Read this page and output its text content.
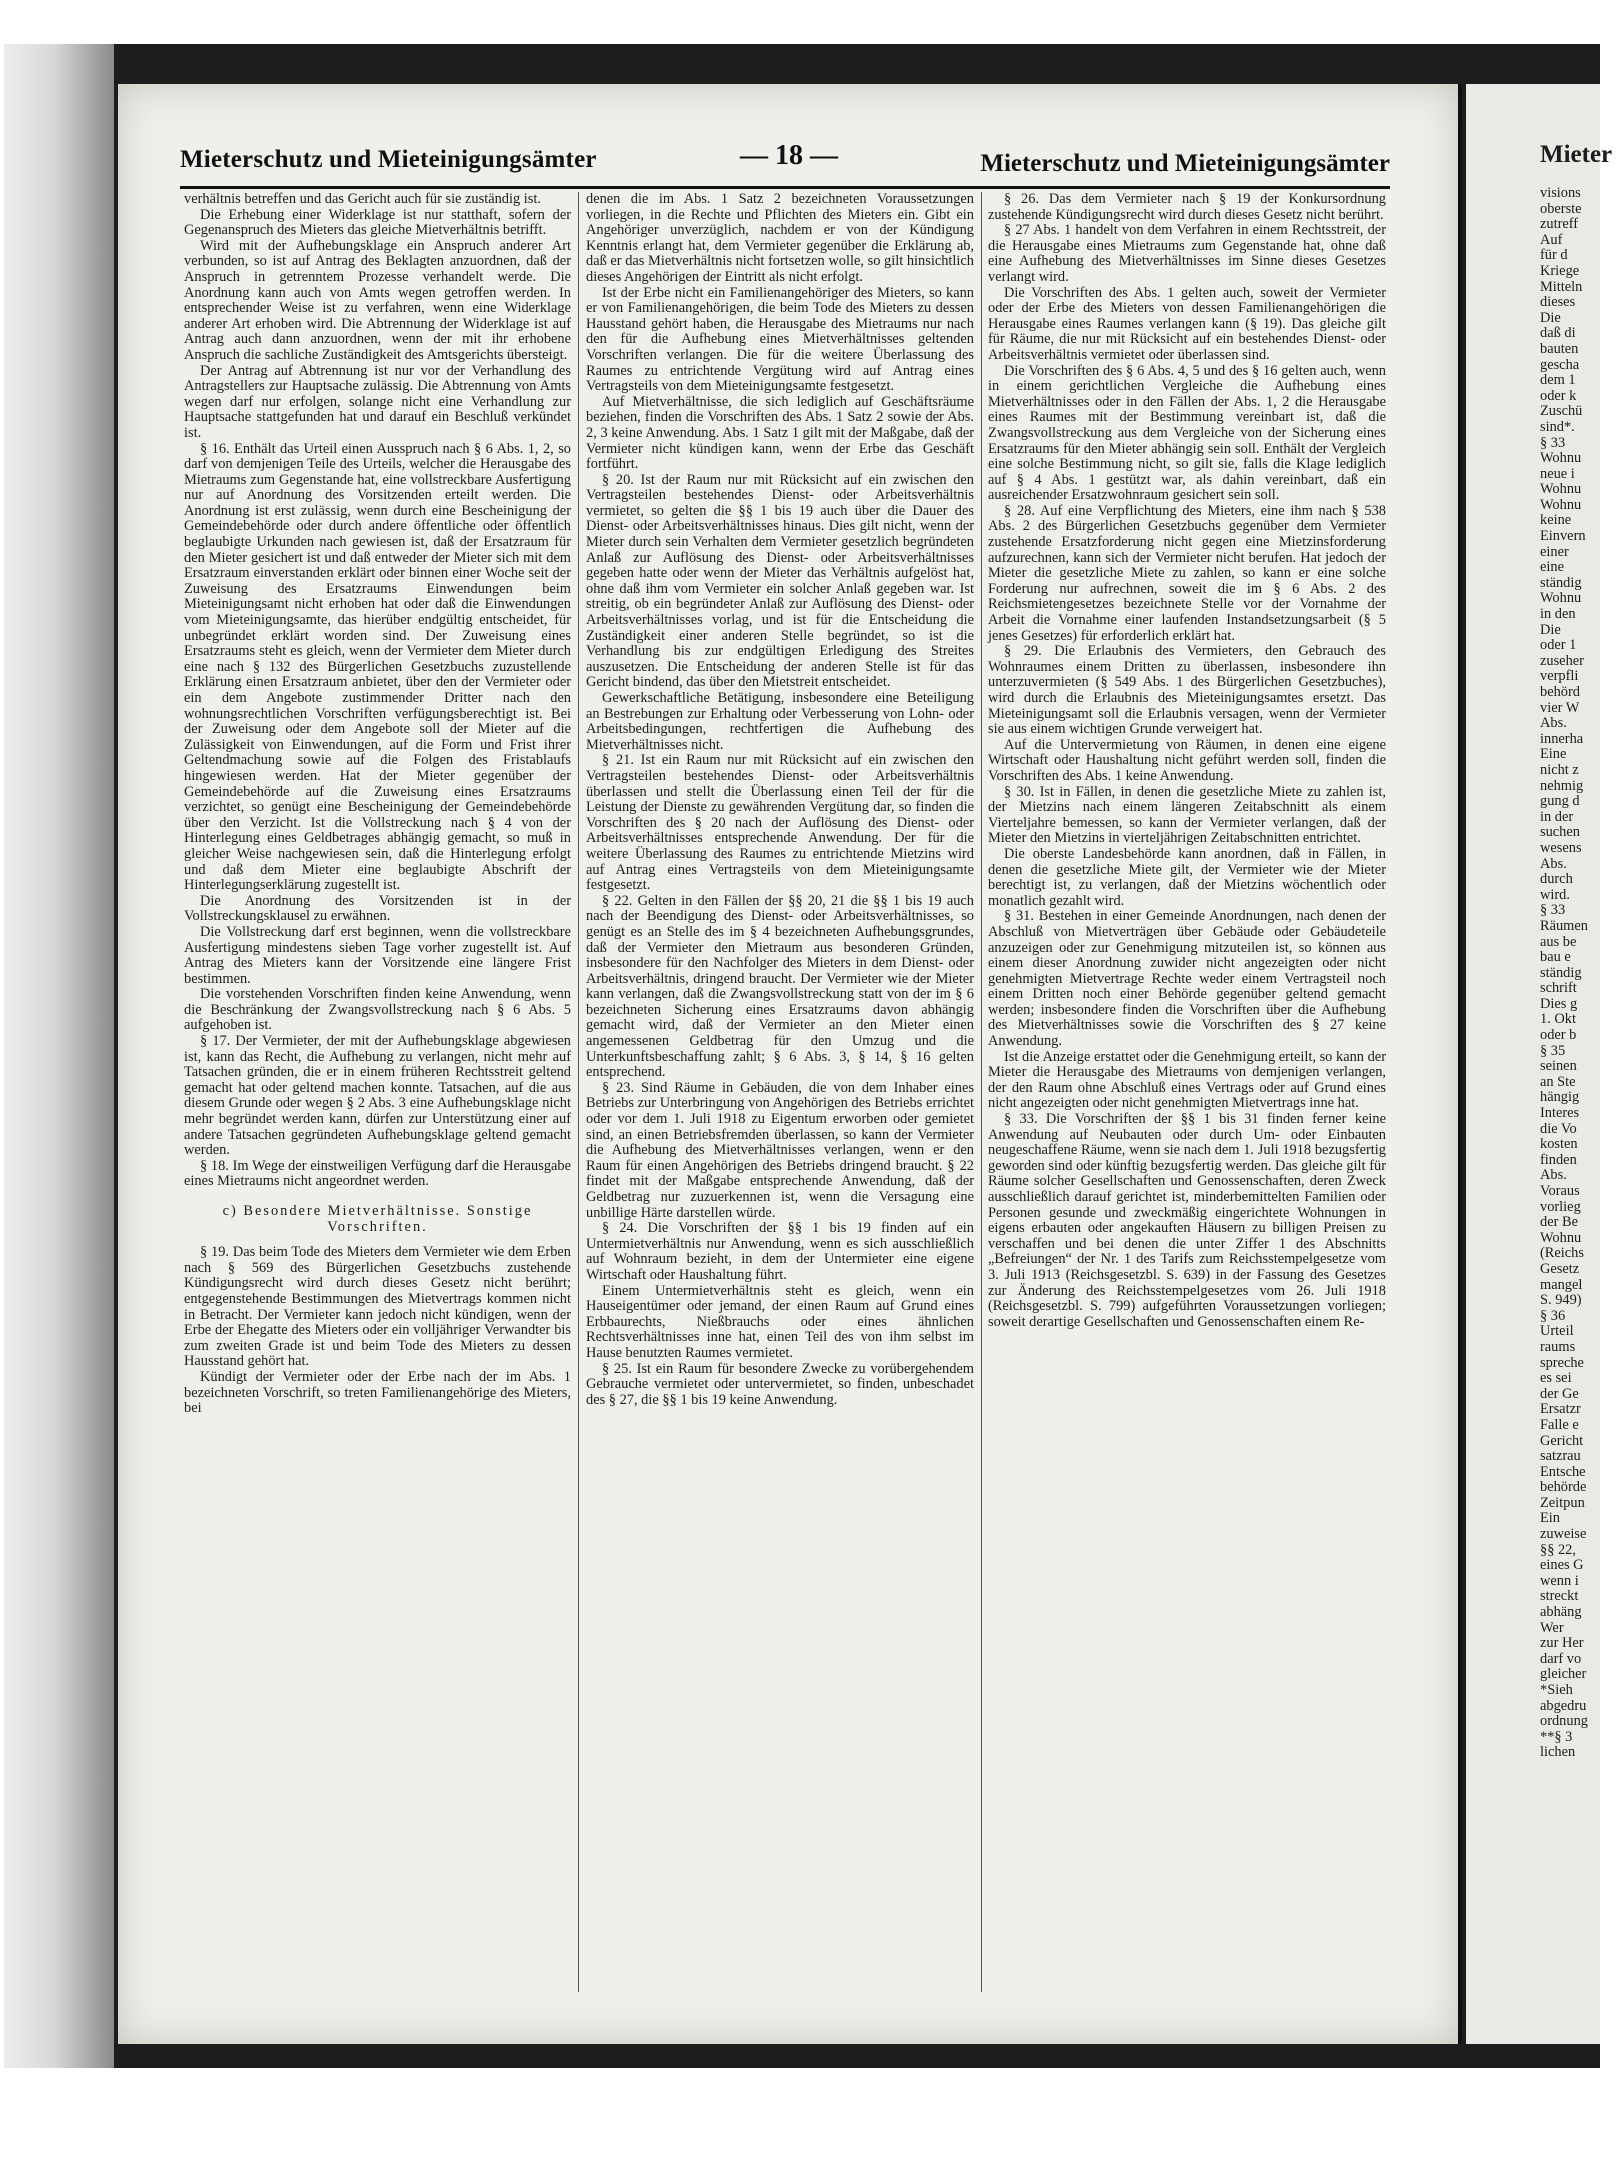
Mieterschutz und Mieteinigungsämter	— 18 —	Mieterschutz und Mieteinigungsämter

verhältnis betreffen und das Gericht auch für sie zuständig ist.

Die Erhebung einer Widerklage ist nur statthaft, sofern der Gegenanspruch des Mieters das gleiche Mietverhältnis betrifft.

Wird mit der Aufhebungsklage ein Anspruch anderer Art verbunden, so ist auf Antrag des Beklagten anzuordnen, daß der Anspruch in getrenntem Prozesse verhandelt werde. Die Anordnung kann auch von Amts wegen getroffen werden. In entsprechender Weise ist zu verfahren, wenn eine Widerklage anderer Art erhoben wird. Die Abtrennung der Widerklage ist auf Antrag auch dann anzuordnen, wenn der mit ihr erhobene Anspruch die sachliche Zuständigkeit des Amtsgerichts übersteigt.

Der Antrag auf Abtrennung ist nur vor der Verhandlung des Antragstellers zur Hauptsache zulässig. Die Abtrennung von Amts wegen darf nur erfolgen, solange nicht eine Verhandlung zur Hauptsache stattgefunden hat und darauf ein Beschluß verkündet ist.

§ 16. Enthält das Urteil einen Ausspruch nach § 6 Abs. 1, 2, so darf von demjenigen Teile des Urteils, welcher die Herausgabe des Mietraums zum Gegenstande hat, eine vollstreckbare Ausfertigung nur auf Anordnung des Vorsitzenden erteilt werden. Die Anordnung ist erst zulässig, wenn durch eine Bescheinigung der Gemeindebehörde oder durch andere öffentliche oder öffentlich beglaubigte Urkunden nach gewiesen ist, daß der Ersatzraum für den Mieter gesichert ist und daß entweder der Mieter sich mit dem Ersatzraum einverstanden erklärt oder binnen einer Woche seit der Zuweisung des Ersatzraums Einwendungen beim Mieteinigungsamt nicht erhoben hat oder daß die Einwendungen vom Mieteinigungsamte, das hierüber endgültig entscheidet, für unbegründet erklärt worden sind. Der Zuweisung eines Ersatzraums steht es gleich, wenn der Vermieter dem Mieter durch eine nach § 132 des Bürgerlichen Gesetzbuchs zuzustellende Erklärung einen Ersatzraum anbietet, über den der Vermieter oder ein dem Angebote zustimmender Dritter nach den wohnungsrechtlichen Vorschriften verfügungsberechtigt ist. Bei der Zuweisung oder dem Angebote soll der Mieter auf die Zulässigkeit von Einwendungen, auf die Form und Frist ihrer Geltendmachung sowie auf die Folgen des Fristablaufs hingewiesen werden. Hat der Mieter gegenüber der Gemeindebehörde auf die Zuweisung eines Ersatzraums verzichtet, so genügt eine Bescheinigung der Gemeindebehörde über den Verzicht. Ist die Vollstreckung nach § 4 von der Hinterlegung eines Geldbetrages abhängig gemacht, so muß in gleicher Weise nachgewiesen sein, daß die Hinterlegung erfolgt und daß dem Mieter eine beglaubigte Abschrift der Hinterlegungserklärung zugestellt ist.

Die Anordnung des Vorsitzenden ist in der Vollstreckungsklausel zu erwähnen.

Die Vollstreckung darf erst beginnen, wenn die vollstreckbare Ausfertigung mindestens sieben Tage vorher zugestellt ist. Auf Antrag des Mieters kann der Vorsitzende eine längere Frist bestimmen.

Die vorstehenden Vorschriften finden keine Anwendung, wenn die Beschränkung der Zwangsvollstreckung nach § 6 Abs. 5 aufgehoben ist.

§ 17. Der Vermieter, der mit der Aufhebungsklage abgewiesen ist, kann das Recht, die Aufhebung zu verlangen, nicht mehr auf Tatsachen gründen, die er in einem früheren Rechtsstreit geltend gemacht hat oder geltend machen konnte. Tatsachen, auf die aus diesem Grunde oder wegen § 2 Abs. 3 eine Aufhebungsklage nicht mehr begründet werden kann, dürfen zur Unterstützung einer auf andere Tatsachen gegründeten Aufhebungsklage geltend gemacht werden.

§ 18. Im Wege der einstweiligen Verfügung darf die Herausgabe eines Mietraums nicht angeordnet werden.

c) Besondere Mietverhältnisse. Sonstige Vorschriften.

§ 19. Das beim Tode des Mieters dem Vermieter wie dem Erben nach § 569 des Bürgerlichen Gesetzbuchs zustehende Kündigungsrecht wird durch dieses Gesetz nicht berührt; entgegenstehende Bestimmungen des Mietvertrags kommen nicht in Betracht. Der Vermieter kann jedoch nicht kündigen, wenn der Erbe der Ehegatte des Mieters oder ein volljähriger Verwandter bis zum zweiten Grade ist und beim Tode des Mieters zu dessen Hausstand gehört hat.

Kündigt der Vermieter oder der Erbe nach der im Abs. 1 bezeichneten Vorschrift, so treten Familienangehörige des Mieters, bei

denen die im Abs. 1 Satz 2 bezeichneten Voraussetzungen vorliegen, in die Rechte und Pflichten des Mieters ein. Gibt ein Angehöriger unverzüglich, nachdem er von der Kündigung Kenntnis erlangt hat, dem Vermieter gegenüber die Erklärung ab, daß er das Mietverhältnis nicht fortsetzen wolle, so gilt hinsichtlich dieses Angehörigen der Eintritt als nicht erfolgt.

Ist der Erbe nicht ein Familienangehöriger des Mieters, so kann er von Familienangehörigen, die beim Tode des Mieters zu dessen Hausstand gehört haben, die Herausgabe des Mietraums nur nach den für die Aufhebung eines Mietverhältnisses geltenden Vorschriften verlangen. Die für die weitere Überlassung des Raumes zu entrichtende Vergütung wird auf Antrag eines Vertragsteils von dem Mieteinigungsamte festgesetzt.

Auf Mietverhältnisse, die sich lediglich auf Geschäftsräume beziehen, finden die Vorschriften des Abs. 1 Satz 2 sowie der Abs. 2, 3 keine Anwendung. Abs. 1 Satz 1 gilt mit der Maßgabe, daß der Vermieter nicht kündigen kann, wenn der Erbe das Geschäft fortführt.

§ 20. Ist der Raum nur mit Rücksicht auf ein zwischen den Vertragsteilen bestehendes Dienst- oder Arbeitsverhältnis vermietet, so gelten die §§ 1 bis 19 auch über die Dauer des Dienst- oder Arbeitsverhältnisses hinaus. Dies gilt nicht, wenn der Mieter durch sein Verhalten dem Vermieter gesetzlich begründeten Anlaß zur Auflösung des Dienst- oder Arbeitsverhältnisses gegeben hatte oder wenn der Mieter das Verhältnis aufgelöst hat, ohne daß ihm vom Vermieter ein solcher Anlaß gegeben war. Ist streitig, ob ein begründeter Anlaß zur Auflösung des Dienst- oder Arbeitsverhältnisses vorlag, und ist für die Entscheidung die Zuständigkeit einer anderen Stelle begründet, so ist die Verhandlung bis zur endgültigen Erledigung des Streites auszusetzen. Die Entscheidung der anderen Stelle ist für das Gericht bindend, das über den Mietstreit entscheidet.

Gewerkschaftliche Betätigung, insbesondere eine Beteiligung an Bestrebungen zur Erhaltung oder Verbesserung von Lohn- oder Arbeitsbedingungen, rechtfertigen die Aufhebung des Mietverhältnisses nicht.

§ 21. Ist ein Raum nur mit Rücksicht auf ein zwischen den Vertragsteilen bestehendes Dienst- oder Arbeitsverhältnis überlassen und stellt die Überlassung einen Teil der für die Leistung der Dienste zu gewährenden Vergütung dar, so finden die Vorschriften des § 20 nach der Auflösung des Dienst- oder Arbeitsverhältnisses entsprechende Anwendung. Der für die weitere Überlassung des Raumes zu entrichtende Mietzins wird auf Antrag eines Vertragsteils von dem Mieteinigungsamte festgesetzt.

§ 22. Gelten in den Fällen der §§ 20, 21 die §§ 1 bis 19 auch nach der Beendigung des Dienst- oder Arbeitsverhältnisses, so genügt es an Stelle des im § 4 bezeichneten Aufhebungsgrundes, daß der Vermieter den Mietraum aus besonderen Gründen, insbesondere für den Nachfolger des Mieters in dem Dienst- oder Arbeitsverhältnis, dringend braucht. Der Vermieter wie der Mieter kann verlangen, daß die Zwangsvollstreckung statt von der im § 6 bezeichneten Sicherung eines Ersatzraums davon abhängig gemacht wird, daß der Vermieter an den Mieter einen angemessenen Geldbetrag für den Umzug und die Unterkunftsbeschaffung zahlt; § 6 Abs. 3, § 14, § 16 gelten entsprechend.

§ 23. Sind Räume in Gebäuden, die von dem Inhaber eines Betriebs zur Unterbringung von Angehörigen des Betriebs errichtet oder vor dem 1. Juli 1918 zu Eigentum erworben oder gemietet sind, an einen Betriebsfremden überlassen, so kann der Vermieter die Aufhebung des Mietverhältnisses verlangen, wenn er den Raum für einen Angehörigen des Betriebs dringend braucht. § 22 findet mit der Maßgabe entsprechende Anwendung, daß der Geldbetrag nur zuzuerkennen ist, wenn die Versagung eine unbillige Härte darstellen würde.

§ 24. Die Vorschriften der §§ 1 bis 19 finden auf ein Untermietverhältnis nur Anwendung, wenn es sich ausschließlich auf Wohnraum bezieht, in dem der Untermieter eine eigene Wirtschaft oder Haushaltung führt.

Einem Untermietverhältnis steht es gleich, wenn ein Hauseigentümer oder jemand, der einen Raum auf Grund eines Erbbaurechts, Nießbrauchs oder eines ähnlichen Rechtsverhältnisses inne hat, einen Teil des von ihm selbst im Hause benutzten Raumes vermietet.

§ 25. Ist ein Raum für besondere Zwecke zu vorübergehendem Gebrauche vermietet oder untervermietet, so finden, unbeschadet des § 27, die §§ 1 bis 19 keine Anwendung.

§ 26. Das dem Vermieter nach § 19 der Konkursordnung zustehende Kündigungsrecht wird durch dieses Gesetz nicht berührt.

§ 27 Abs. 1 handelt von dem Verfahren in einem Rechtsstreit, der die Herausgabe eines Mietraums zum Gegenstande hat, ohne daß eine Aufhebung des Mietverhältnisses im Sinne dieses Gesetzes verlangt wird.

Die Vorschriften des Abs. 1 gelten auch, soweit der Vermieter oder der Erbe des Mieters von dessen Familienangehörigen die Herausgabe eines Raumes verlangen kann (§ 19). Das gleiche gilt für Räume, die nur mit Rücksicht auf ein bestehendes Dienst- oder Arbeitsverhältnis vermietet oder überlassen sind.

Die Vorschriften des § 6 Abs. 4, 5 und des § 16 gelten auch, wenn in einem gerichtlichen Vergleiche die Aufhebung eines Mietverhältnisses oder in den Fällen der Abs. 1, 2 die Herausgabe eines Raumes mit der Bestimmung vereinbart ist, daß die Zwangsvollstreckung aus dem Vergleiche von der Sicherung eines Ersatzraums für den Mieter abhängig sein soll. Enthält der Vergleich eine solche Bestimmung nicht, so gilt sie, falls die Klage lediglich auf § 4 Abs. 1 gestützt war, als dahin vereinbart, daß ein ausreichender Ersatzwohnraum gesichert sein soll.

§ 28. Auf eine Verpflichtung des Mieters, eine ihm nach § 538 Abs. 2 des Bürgerlichen Gesetzbuchs gegenüber dem Vermieter zustehende Ersatzforderung nicht gegen eine Mietzinsforderung aufzurechnen, kann sich der Vermieter nicht berufen. Hat jedoch der Mieter die gesetzliche Miete zu zahlen, so kann er eine solche Forderung nur aufrechnen, soweit die im § 6 Abs. 2 des Reichsmietengesetzes bezeichnete Stelle vor der Vornahme der Arbeit die Vornahme einer laufenden Instandsetzungsarbeit (§ 5 jenes Gesetzes) für erforderlich erklärt hat.

§ 29. Die Erlaubnis des Vermieters, den Gebrauch des Wohnraumes einem Dritten zu überlassen, insbesondere ihn unterzuvermieten (§ 549 Abs. 1 des Bürgerlichen Gesetzbuches), wird durch die Erlaubnis des Mieteinigungsamtes ersetzt. Das Mieteinigungsamt soll die Erlaubnis versagen, wenn der Vermieter sie aus einem wichtigen Grunde verweigert hat.

Auf die Untervermietung von Räumen, in denen eine eigene Wirtschaft oder Haushaltung nicht geführt werden soll, finden die Vorschriften des Abs. 1 keine Anwendung.

§ 30. Ist in Fällen, in denen die gesetzliche Miete zu zahlen ist, der Mietzins nach einem längeren Zeitabschnitt als einem Vierteljahre bemessen, so kann der Vermieter verlangen, daß der Mieter den Mietzins in vierteljährigen Zeitabschnitten entrichtet.

Die oberste Landesbehörde kann anordnen, daß in Fällen, in denen die gesetzliche Miete gilt, der Vermieter wie der Mieter berechtigt ist, zu verlangen, daß der Mietzins wöchentlich oder monatlich gezahlt wird.

§ 31. Bestehen in einer Gemeinde Anordnungen, nach denen der Abschluß von Mietverträgen über Gebäude oder Gebäudeteile anzuzeigen oder zur Genehmigung mitzuteilen ist, so können aus einem dieser Anordnung zuwider nicht angezeigten oder nicht genehmigten Mietvertrage Rechte weder einem Vertragsteil noch einem Dritten noch einer Behörde gegenüber geltend gemacht werden; insbesondere finden die Vorschriften über die Aufhebung des Mietverhältnisses sowie die Vorschriften des § 27 keine Anwendung.

Ist die Anzeige erstattet oder die Genehmigung erteilt, so kann der Mieter die Herausgabe des Mietraums von demjenigen verlangen, der den Raum ohne Abschluß eines Vertrags oder auf Grund eines nicht angezeigten oder nicht genehmigten Mietvertrags inne hat.

§ 33. Die Vorschriften der §§ 1 bis 31 finden ferner keine Anwendung auf Neubauten oder durch Um- oder Einbauten neugeschaffene Räume, wenn sie nach dem 1. Juli 1918 bezugsfertig geworden sind oder künftig bezugsfertig werden. Das gleiche gilt für Räume solcher Gesellschaften und Genossenschaften, deren Zweck ausschließlich darauf gerichtet ist, minderbemittelten Familien oder Personen gesunde und zweckmäßig eingerichtete Wohnungen in eigens erbauten oder angekauften Häusern zu billigen Preisen zu verschaffen und bei denen die unter Ziffer 1 des Abschnitts „Befreiungen“ der Nr. 1 des Tarifs zum Reichsstempelgesetze vom 3. Juli 1913 (Reichsgesetzbl. S. 639) in der Fassung des Gesetzes zur Änderung des Reichsstempelgesetzes vom 26. Juli 1918 (Reichsgesetzbl. S. 799) aufgeführten Voraussetzungen vorliegen; soweit derartige Gesellschaften und Genossenschaften einem Re-

Mieter
visions
oberste
zutreff
Auf
für d
Kriege
Mitteln
dieses
Die
daß di
bauten
gescha
dem 1
oder k
Zuschü
sind*.
§ 33
Wohnu
neue i
Wohnu
Wohnu
keine
Einvern
einer
eine
ständig
Wohnu
in den
Die
oder 1
zuseher
verpfli
behörd
vier W
Abs.
innerha
Eine
nicht z
nehmig
gung d
in der
suchen
wesens
Abs.
durch
wird.
§ 33
Räumen
aus be
bau e
ständig
schrift
Dies g
1. Okt
oder b
§ 35
seinen
an Ste
hängig
Interes
die Vo
kosten
finden
Abs.
Voraus
vorlieg
der Be
Wohnu
(Reichs
Gesetz
mangel
S. 949)
§ 36
Urteil
raums
spreche
es sei
der Ge
Ersatzr
Falle e
Gericht
satzrau
Entsche
behörde
Zeitpun
Ein
zuweise
§§ 22,
eines G
wenn i
streckt
abhäng
Wer
zur Her
darf vo
gleicher
*Sieh
abgedru
ordnung
**§ 3
lichen
